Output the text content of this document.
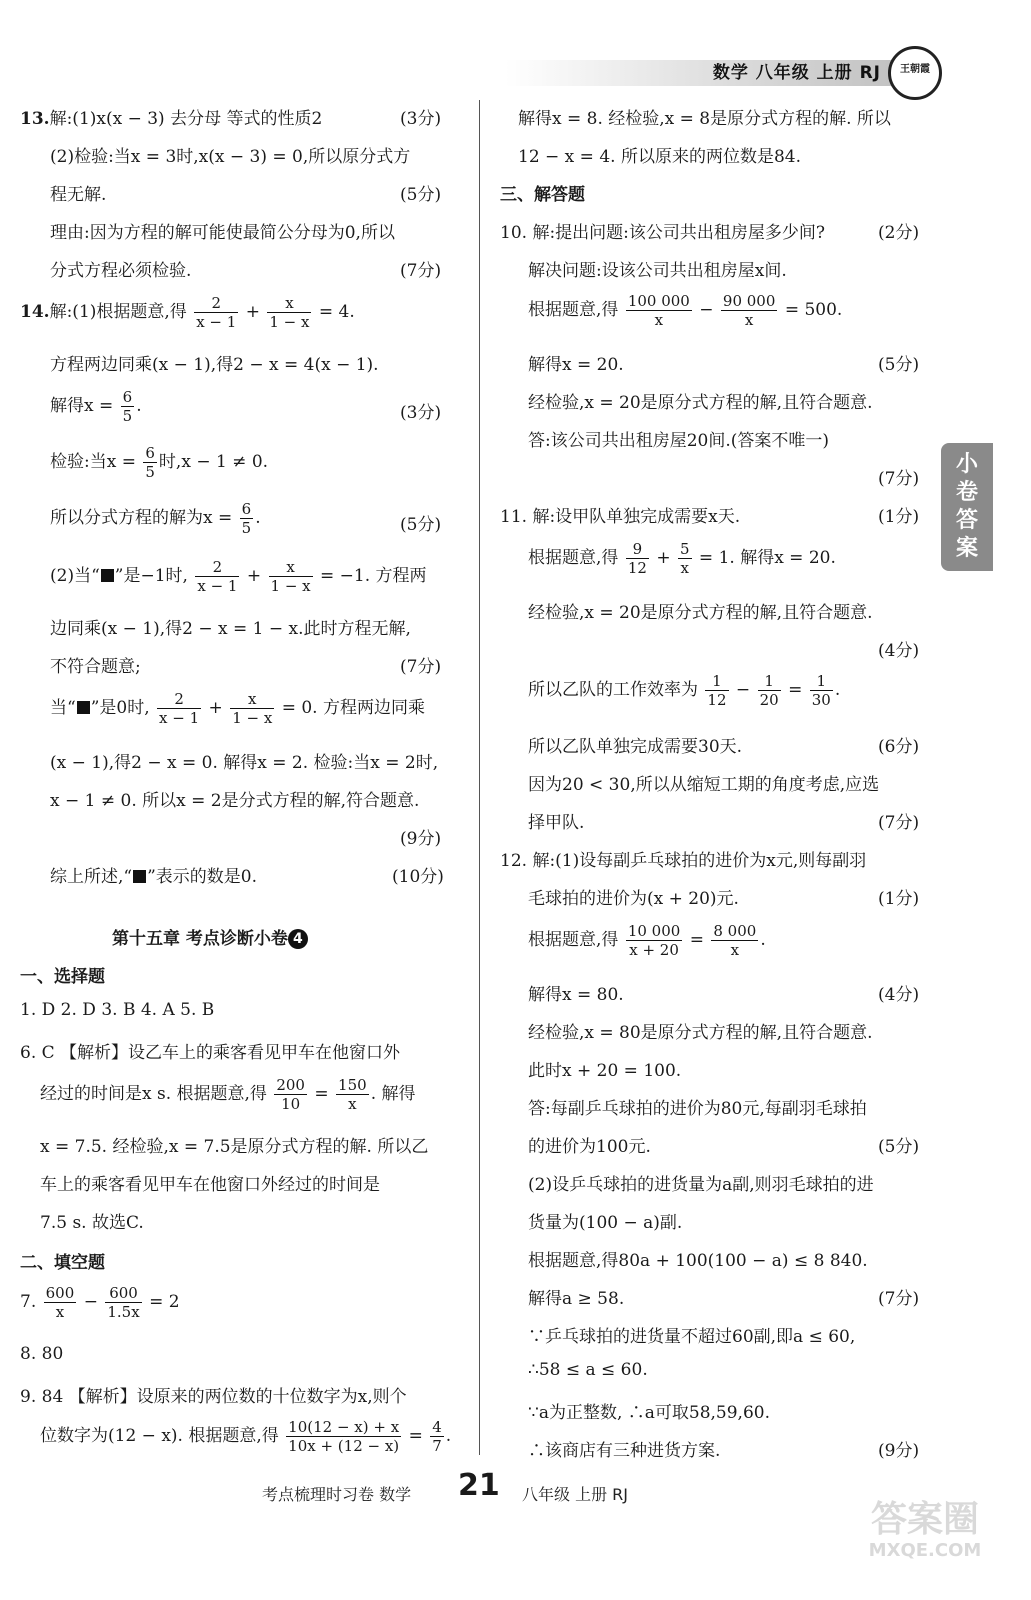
数学 八年级 上册 RJ	王朝霞
小卷答案
13.解:(1)x(x − 3) 去分母 等式的性质2	(3分)
(2)检验:当x = 3时,x(x − 3) = 0,所以原分式方
程无解.	(5分)
理由:因为方程的解可能使最简公分母为0,所以
分式方程必须检验.	(7分)
14.解:(1)根据题意,得 $\frac{2}{x - 1} + \frac{x}{1 - x} = 4$.
方程两边同乘(x − 1),得2 − x = 4(x − 1).
解得$x = \frac{6}{5}$ .	(3分)
检验:当$x = \frac{6}{5}$ 时,x − 1 ≠ 0.
所以分式方程的解为$x = \frac{6}{5}$ .	(5分)
(2)当“ ”是−1时, $\frac{2}{x - 1} + \frac{x}{1 - x} = -1$. 方程两
边同乘(x − 1),得2 − x = 1 − x.此时方程无解,
不符合题意;	(7分)
当“ ”是0时, $\frac{2}{x - 1} + \frac{x}{1 - x} = 0$. 方程两边同乘
(x − 1),得2 − x = 0. 解得x = 2. 检验:当x = 2时,
x − 1 ≠ 0. 所以x = 2是分式方程的解,符合题意.
(9分)
综上所述,“ ”表示的数是0.	(10分)
第十五章 考点诊断小卷 4
一、选择题
1. D 2. D 3. B 4. A 5. B
6. C 【解析】设乙车上的乘客看见甲车在他窗口外
经过的时间是x s. 根据题意,得 $\frac{200}{10} = \frac{150}{x}$ . 解得
x = 7.5. 经检验,x = 7.5是原分式方程的解. 所以乙
车上的乘客看见甲车在他窗口外经过的时间是
7.5 s. 故选C.
二、填空题
7. $\frac{600}{x} - \frac{600}{1.5x} = 2$
8. 80
9. 84 【解析】设原来的两位数的十位数字为x,则个
位数字为(12 − x). 根据题意,得 $\frac{10(12 - x) + x}{10x + (12 - x)} = \frac{4}{7}$ .
解得x = 8. 经检验,x = 8是原分式方程的解. 所以
12 − x = 4. 所以原来的两位数是84.
三、解答题
10. 解:提出问题:该公司共出租房屋多少间?	(2分)
解决问题:设该公司共出租房屋x间.
根据题意,得 $\frac{100 000}{x} - \frac{90 000}{x} = 500$.
解得x = 20.	(5分)
经检验,x = 20是原分式方程的解,且符合题意.
答:该公司共出租房屋20间.(答案不唯一)
(7分)
11. 解:设甲队单独完成需要x天.	(1分)
根据题意,得 $\frac{9}{12} + \frac{5}{x} = 1$. 解得x = 20.
经检验,x = 20是原分式方程的解,且符合题意.
(4分)
所以乙队的工作效率为 $\frac{1}{12} - \frac{1}{20} = \frac{1}{30}$ .
所以乙队单独完成需要30天.	(6分)
因为20 < 30,所以从缩短工期的角度考虑,应选
择甲队.	(7分)
12. 解:(1)设每副乒乓球拍的进价为x元,则每副羽
毛球拍的进价为(x + 20)元.	(1分)
根据题意,得 $\frac{10 000}{x + 20} = \frac{8 000}{x}$ .
解得x = 80.	(4分)
经检验,x = 80是原分式方程的解,且符合题意.
此时x + 20 = 100.
答:每副乒乓球拍的进价为80元,每副羽毛球拍
的进价为100元.	(5分)
(2)设乒乓球拍的进货量为a副,则羽毛球拍的进
货量为(100 − a)副.
根据题意,得80a + 100(100 − a) ≤ 8 840.
解得a ≥ 58.	(7分)
∵乒乓球拍的进货量不超过60副,即a ≤ 60,
∴58 ≤ a ≤ 60.
∵a为正整数, ∴a可取58,59,60.
∴该商店有三种进货方案.	(9分)
考点梳理时习卷 数学 21 八年级 上册 RJ
答案圈
MXQE.COM
